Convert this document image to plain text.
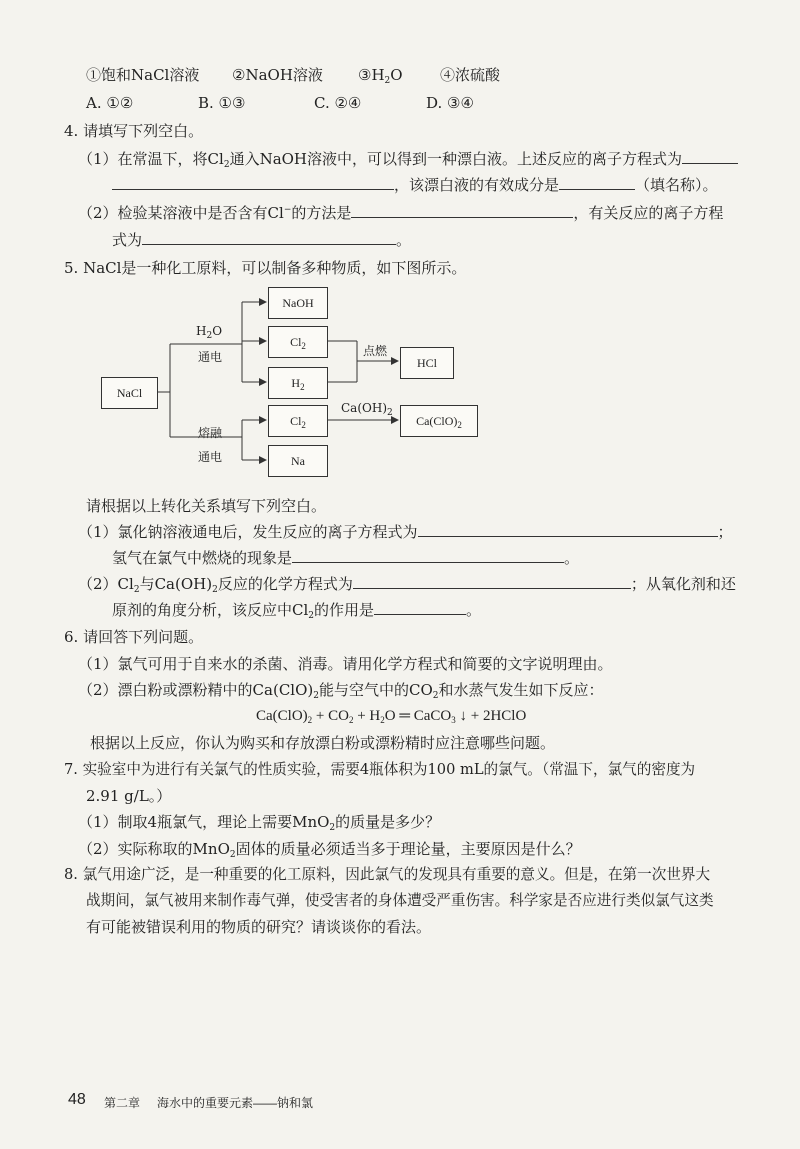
①饱和NaCl溶液 ②NaOH溶液 $③H_2O$ ④浓硫酸
A. ①②	B. ①③	C. ②④	D. ③④
4. 请填写下列空白。
（1）在常温下，将$Cl_2$通入NaOH溶液中，可以得到一种漂白液。上述反应的离子方程式为
，该漂白液的有效成分是	（填名称）。
（2）检验某溶液中是否含有Cl−的方法是	，有关反应的离子方程
式为	。
5. NaCl是一种化工原料，可以制备多种物质，如下图所示。
NaCl
NaOH
$Cl_2$
$H_2$
HCl
$Cl_2$	$Ca(ClO)_2$
Na
$H_2O$
通电	点燃
$Ca(OH)_2$
熔融
通电
请根据以上转化关系填写下列空白。
（1）氯化钠溶液通电后，发生反应的离子方程式为	；
氢气在氯气中燃烧的现象是	。
$(2)Cl_2$与$Ca(OH)_2$反应的化学方程式为	；从氧化剂和还
原剂的角度分析，该反应中$Cl_2$的作用是	。
6. 请回答下列问题。
（1）氯气可用于自来水的杀菌、消毒。请用化学方程式和简要的文字说明理由。
（2）漂白粉或漂粉精中的$Ca(ClO)_2$能与空气中的$CO_2$和水蒸气发生如下反应：
$Ca(ClO)_2 + CO_2 + H_2O$ ═ CaCO$_3$ ↓ + 2HClO
根据以上反应，你认为购买和存放漂白粉或漂粉精时应注意哪些问题。
7. 实验室中为进行有关氯气的性质实验，需要4瓶体积为100 mL的氯气。（常温下，氯气的密度为
2.91 g/L。）
（1）制取4瓶氯气，理论上需要MnO$_2$的质量是多少？
（2）实际称取的MnO$_2$固体的质量必须适当多于理论量，主要原因是什么？
8. 氯气用途广泛，是一种重要的化工原料，因此氯气的发现具有重要的意义。但是，在第一次世界大
战期间，氯气被用来制作毒气弹，使受害者的身体遭受严重伤害。科学家是否应进行类似氯气这类
有可能被错误利用的物质的研究？请谈谈你的看法。
48 第二章 海水中的重要元素——钠和氯
